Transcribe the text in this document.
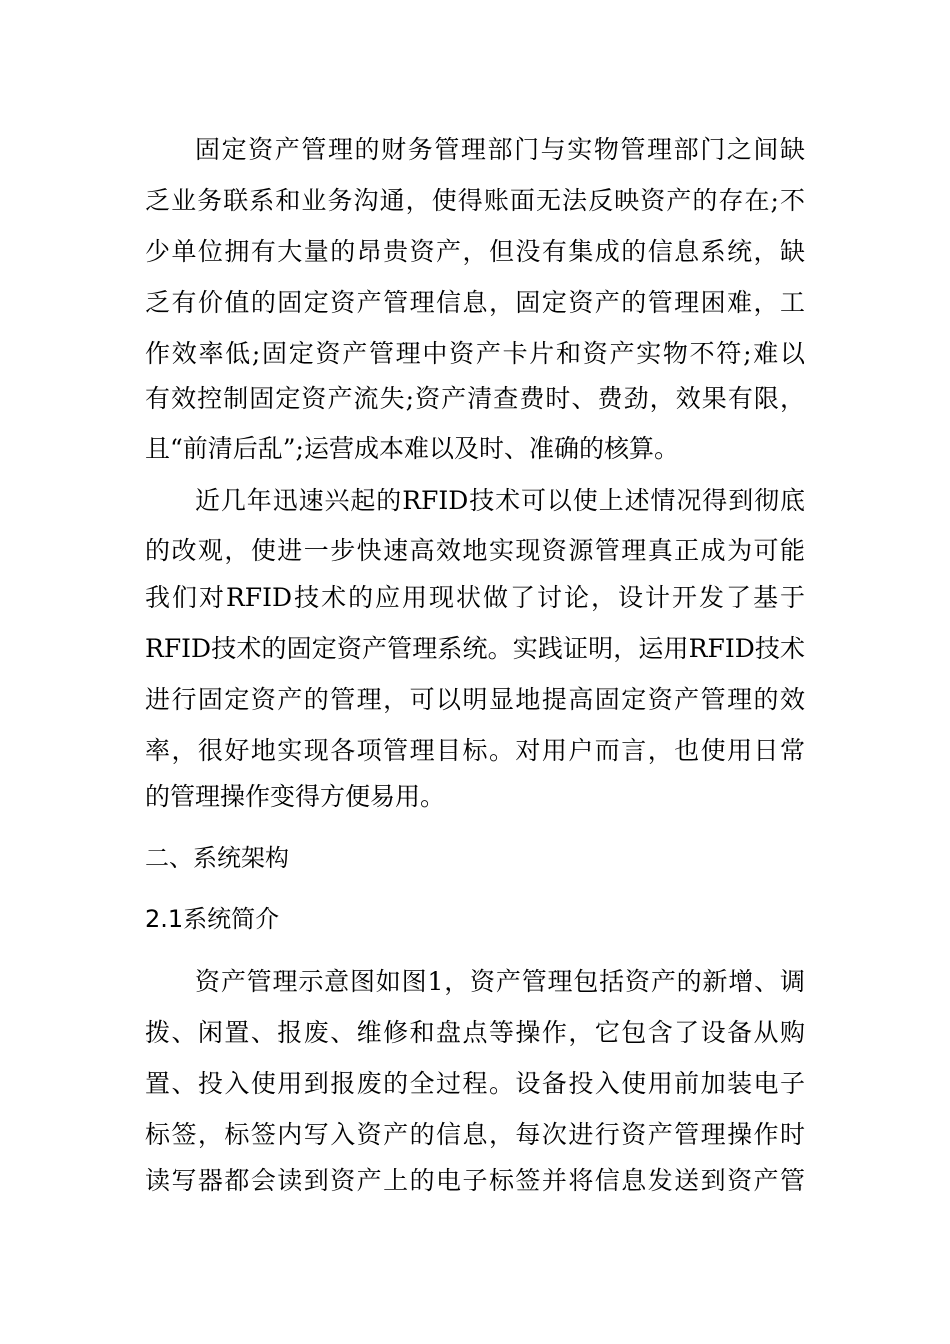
固定资产管理的财务管理部门与实物管理部门之间缺
乏业务联系和业务沟通，使得账面无法反映资产的存在;不
少单位拥有大量的昂贵资产，但没有集成的信息系统，缺
乏有价值的固定资产管理信息，固定资产的管理困难，工
作效率低;固定资产管理中资产卡片和资产实物不符;难以
有效控制固定资产流失;资产清查费时、费劲，效果有限，
且“前清后乱”;运营成本难以及时、准确的核算。
近几年迅速兴起的RFID技术可以使上述情况得到彻底
的改观，使进一步快速高效地实现资源管理真正成为可能
我们对RFID技术的应用现状做了讨论，设计开发了基于
RFID技术的固定资产管理系统。实践证明，运用RFID技术
进行固定资产的管理，可以明显地提高固定资产管理的效
率，很好地实现各项管理目标。对用户而言，也使用日常
的管理操作变得方便易用。
二、系统架构
2.1系统简介
资产管理示意图如图1，资产管理包括资产的新增、调
拨、闲置、报废、维修和盘点等操作，它包含了设备从购
置、投入使用到报废的全过程。设备投入使用前加装电子
标签，标签内写入资产的信息，每次进行资产管理操作时
读写器都会读到资产上的电子标签并将信息发送到资产管
